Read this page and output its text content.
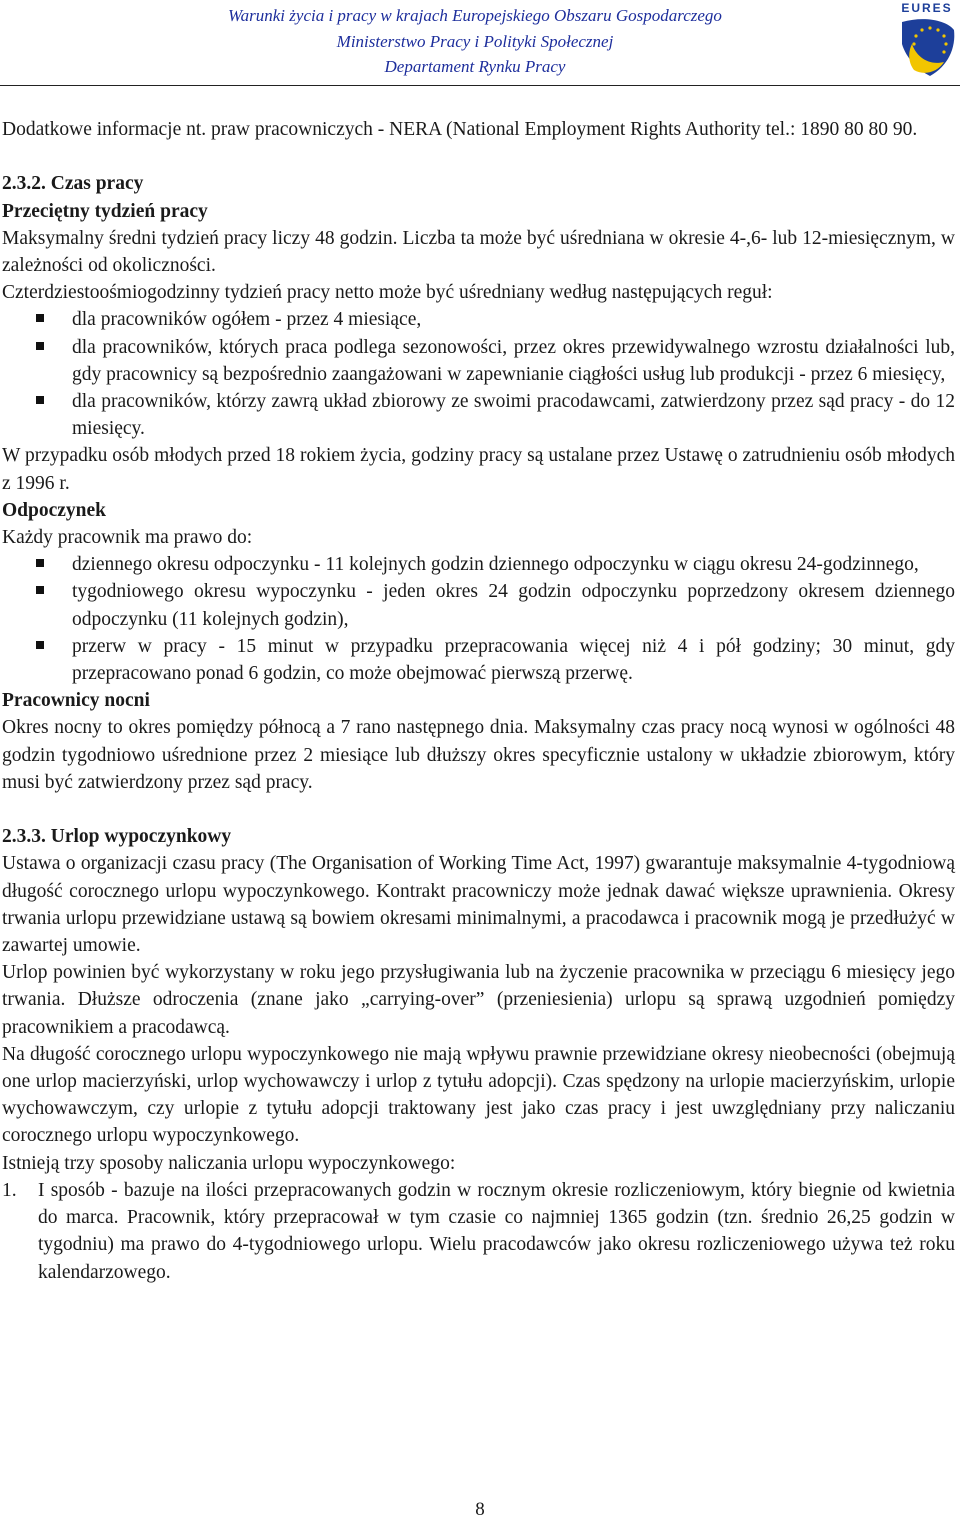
Warunki życia i pracy w krajach Europejskiego Obszaru Gospodarczego
Ministerstwo Pracy i Polityki Społecznej
Departament Rynku Pracy
EURES

Dodatkowe informacje nt. praw pracowniczych - NERA (National Employment Rights Authority tel.: 1890 80 80 90.

2.3.2. Czas pracy

Przeciętny tydzień pracy

Maksymalny średni tydzień pracy liczy 48 godzin. Liczba ta może być uśredniana w okresie 4-,6- lub 12-miesięcznym, w zależności od okoliczności.

Czterdziestoośmiogodzinny tydzień pracy netto może być uśredniany według następujących reguł:

dla pracowników ogółem - przez 4 miesiące,
dla pracowników, których praca podlega sezonowości, przez okres przewidywalnego wzrostu działalności lub, gdy pracownicy są bezpośrednio zaangażowani w zapewnianie ciągłości usług lub produkcji - przez 6 miesięcy,
dla pracowników, którzy zawrą układ zbiorowy ze swoimi pracodawcami, zatwierdzony przez sąd pracy - do 12 miesięcy.

W przypadku osób młodych przed 18 rokiem życia, godziny pracy są ustalane przez Ustawę o zatrudnieniu osób młodych z 1996 r.

Odpoczynek

Każdy pracownik ma prawo do:

dziennego okresu odpoczynku - 11 kolejnych godzin dziennego odpoczynku w ciągu okresu 24-godzinnego,
tygodniowego okresu wypoczynku - jeden okres 24 godzin odpoczynku poprzedzony okresem dziennego odpoczynku (11 kolejnych godzin),
przerw w pracy - 15 minut w przypadku przepracowania więcej niż 4 i pół godziny; 30 minut, gdy przepracowano ponad 6 godzin, co może obejmować pierwszą przerwę.

Pracownicy nocni

Okres nocny to okres pomiędzy północą a 7 rano następnego dnia. Maksymalny czas pracy nocą wynosi w ogólności 48 godzin tygodniowo uśrednione przez 2 miesiące lub dłuższy okres specyficznie ustalony w układzie zbiorowym, który musi być zatwierdzony przez sąd pracy.

2.3.3. Urlop wypoczynkowy

Ustawa o organizacji czasu pracy (The Organisation of Working Time Act, 1997) gwarantuje maksymalnie 4-tygodniową długość corocznego urlopu wypoczynkowego. Kontrakt pracowniczy może jednak dawać większe uprawnienia. Okresy trwania urlopu przewidziane ustawą są bowiem okresami minimalnymi, a pracodawca i pracownik mogą je przedłużyć w zawartej umowie.

Urlop powinien być wykorzystany w roku jego przysługiwania lub na życzenie pracownika w przeciągu 6 miesięcy jego trwania. Dłuższe odroczenia (znane jako „carrying-over” (przeniesienia) urlopu są sprawą uzgodnień pomiędzy pracownikiem a pracodawcą.

Na długość corocznego urlopu wypoczynkowego nie mają wpływu prawnie przewidziane okresy nieobecności (obejmują one urlop macierzyński, urlop wychowawczy i urlop z tytułu adopcji). Czas spędzony na urlopie macierzyńskim, urlopie wychowawczym, czy urlopie z tytułu adopcji traktowany jest jako czas pracy i jest uwzględniany przy naliczaniu corocznego urlopu wypoczynkowego.

Istnieją trzy sposoby naliczania urlopu wypoczynkowego:

1. I sposób - bazuje na ilości przepracowanych godzin w rocznym okresie rozliczeniowym, który biegnie od kwietnia do marca. Pracownik, który przepracował w tym czasie co najmniej 1365 godzin (tzn. średnio 26,25 godzin w tygodniu) ma prawo do 4-tygodniowego urlopu. Wielu pracodawców jako okresu rozliczeniowego używa też roku kalendarzowego.
8
